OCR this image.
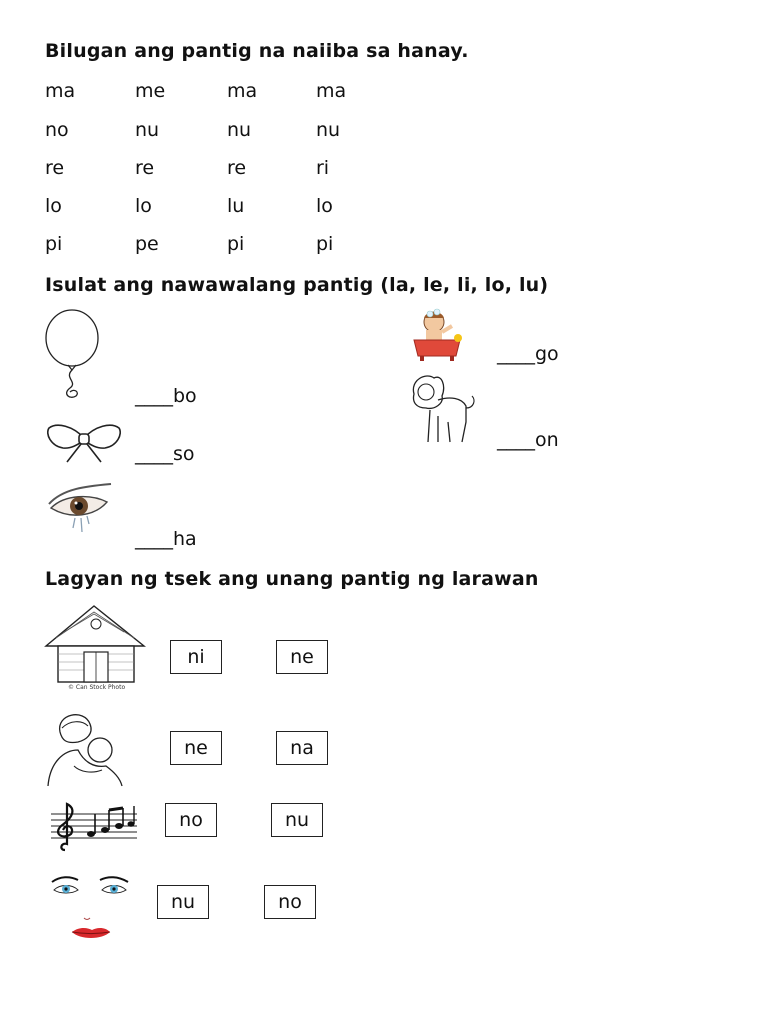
Bilugan ang pantig na naiiba sa hanay.
ma	me	ma	ma
no	nu	nu	nu
re	re	re	ri
lo	lo	lu	lo
pi	pe	pi	pi
Isulat ang nawawalang pantig (la, le, li, lo, lu)
____bo
____so
____ha
____go
____on
Lagyan ng tsek ang unang pantig ng larawan
© Can Stock Photo
ni	ne
ne	na
no	nu
nu	no
